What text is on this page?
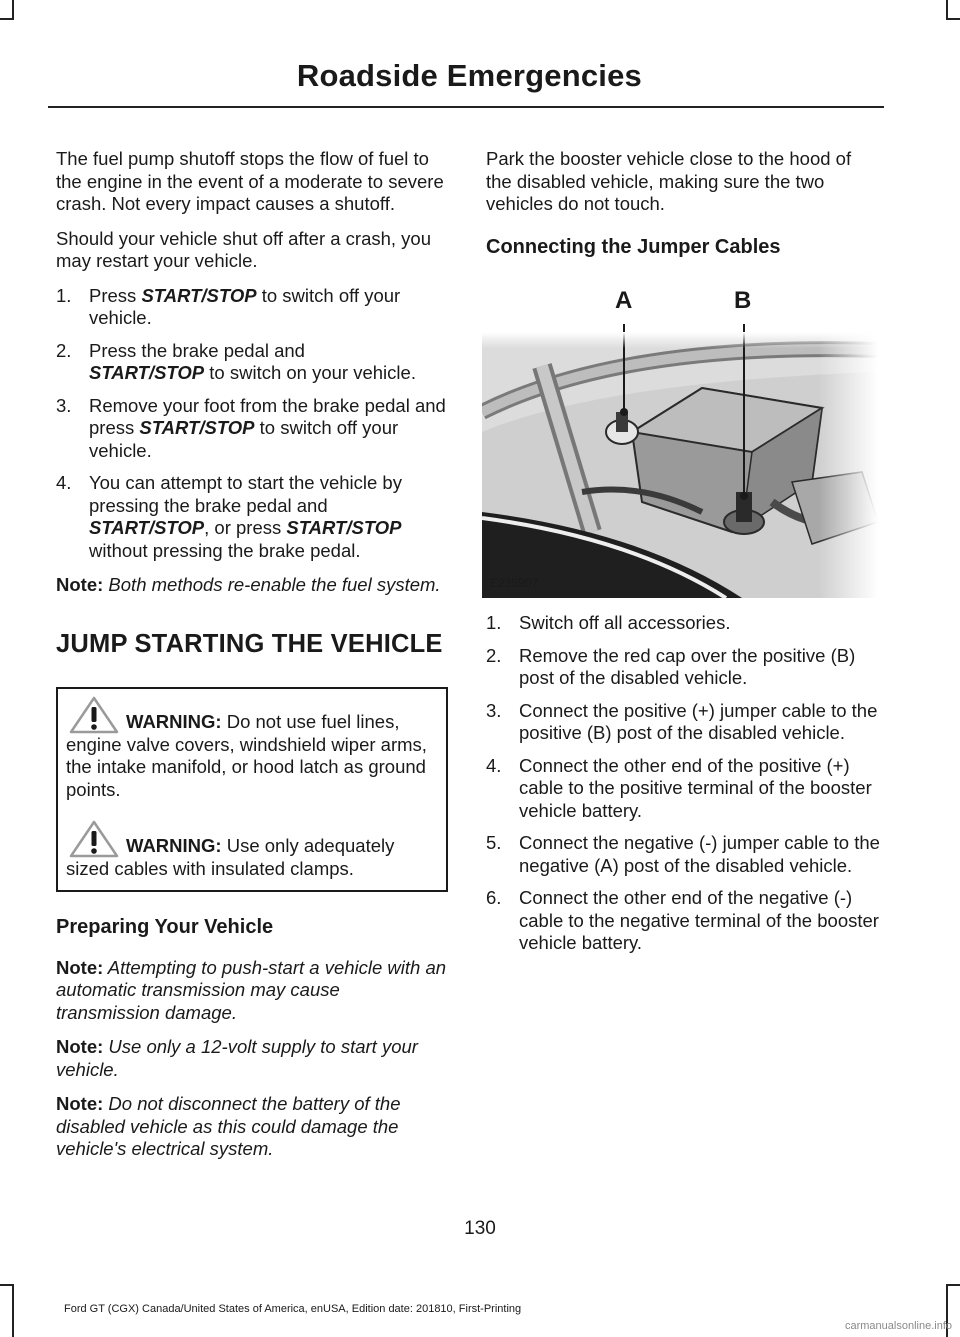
Roadside Emergencies

The fuel pump shutoff stops the flow of fuel to the engine in the event of a moderate to severe crash. Not every impact causes a shutoff.

Should your vehicle shut off after a crash, you may restart your vehicle.

1. Press START/STOP to switch off your vehicle.
2. Press the brake pedal and
START/STOP to switch on your vehicle.
3. Remove your foot from the brake pedal and press START/STOP to switch off your vehicle.
4. You can attempt to start the vehicle by pressing the brake pedal and
START/STOP, or press START/STOP without pressing the brake pedal.

Note: Both methods re-enable the fuel system.

JUMP STARTING THE VEHICLE
WARNING: Do not use fuel lines, engine valve covers, windshield wiper arms, the intake manifold, or hood latch as ground points.
WARNING: Use only adequately sized cables with insulated clamps.
Preparing Your Vehicle

Note: Attempting to push-start a vehicle with an automatic transmission may cause transmission damage.

Note: Use only a 12-volt supply to start your vehicle.

Note: Do not disconnect the battery of the disabled vehicle as this could damage the vehicle's electrical system.

Park the booster vehicle close to the hood of the disabled vehicle, making sure the two vehicles do not touch.

Connecting the Jumper Cables
A	B
E235907
1. Switch off all accessories.
2. Remove the red cap over the positive (B) post of the disabled vehicle.
3. Connect the positive (+) jumper cable to the positive (B) post of the disabled vehicle.
4. Connect the other end of the positive (+) cable to the positive terminal of the booster vehicle battery.
5. Connect the negative (-) jumper cable to the negative (A) post of the disabled vehicle.
6. Connect the other end of the negative (-) cable to the negative terminal of the booster vehicle battery.
130
Ford GT (CGX) Canada/United States of America, enUSA, Edition date: 201810, First-Printing
carmanualsonline.info
